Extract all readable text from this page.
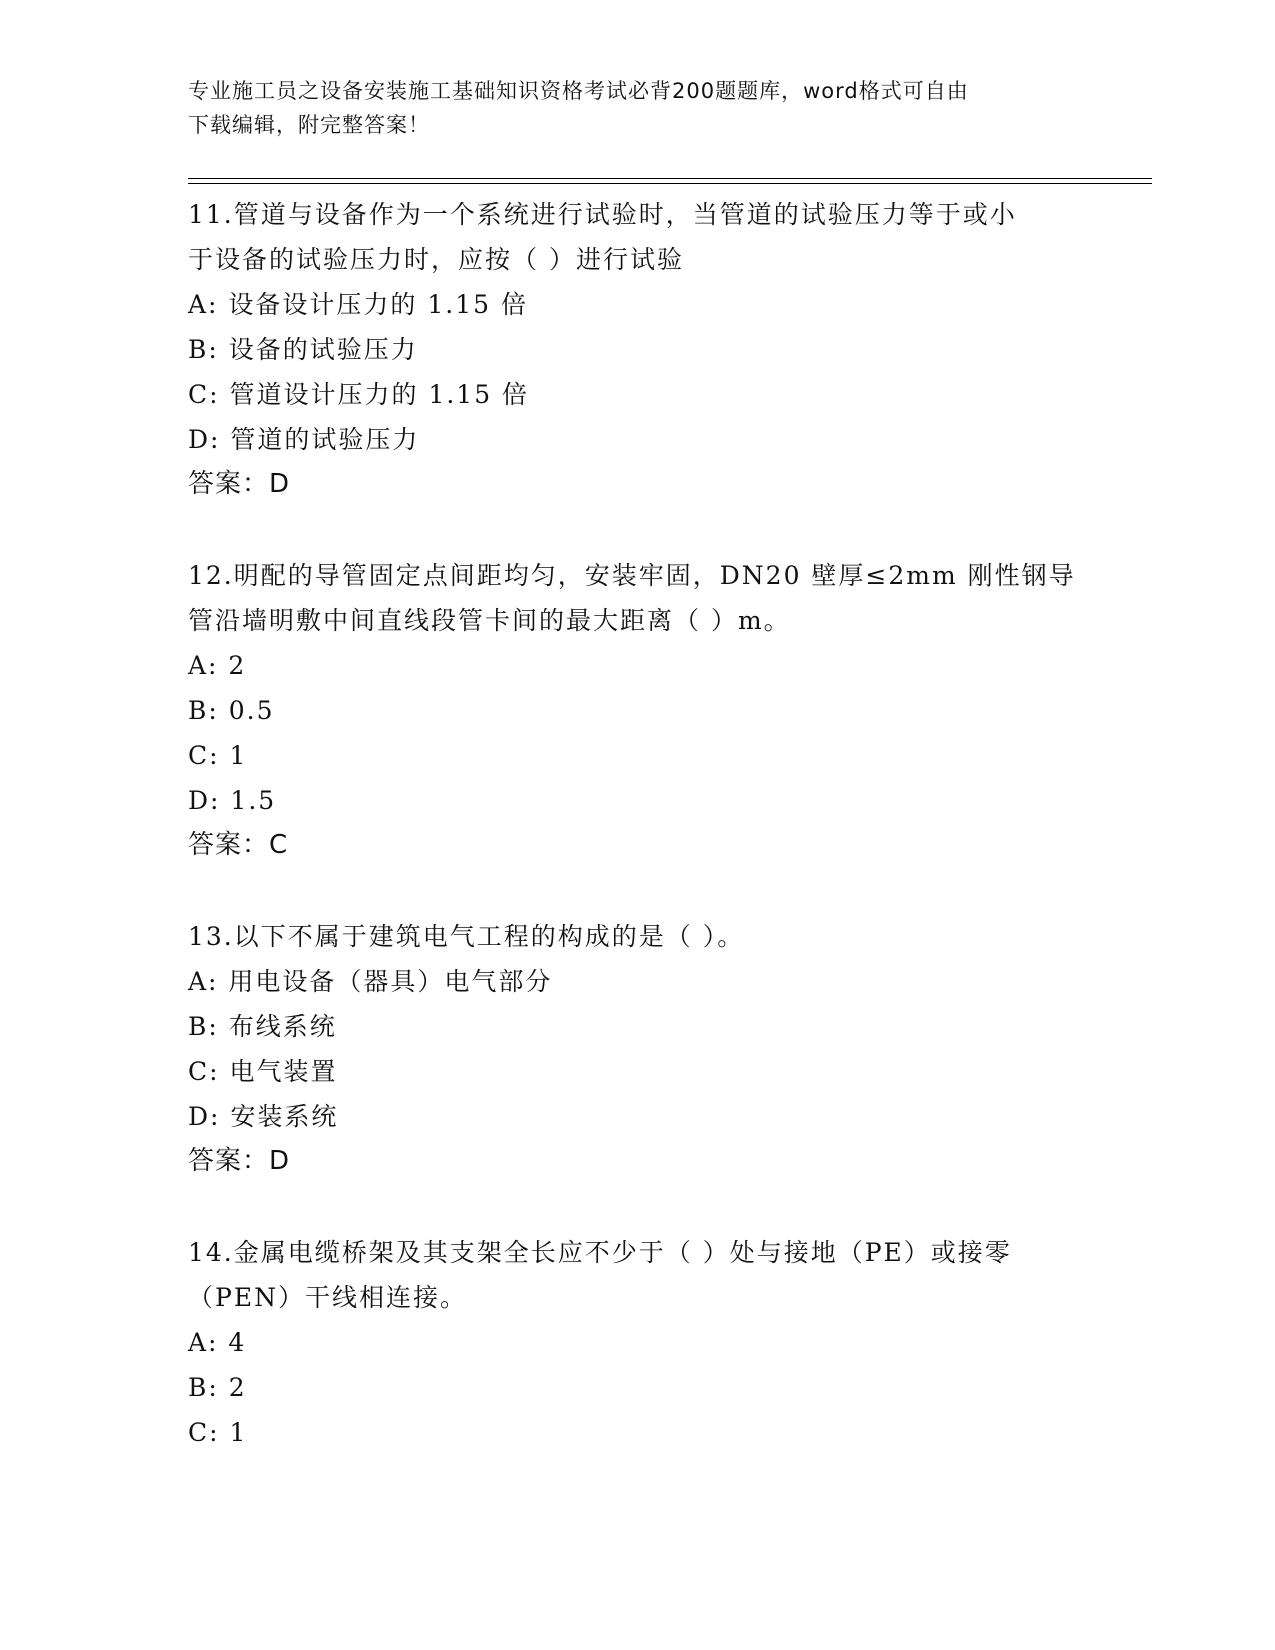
专业施工员之设备安装施工基础知识资格考试必背200题题库，word格式可自由
下载编辑，附完整答案！

11.管道与设备作为一个系统进行试验时，当管道的试验压力等于或小

于设备的试验压力时，应按（ ）进行试验

A: 设备设计压力的 1.15 倍

B: 设备的试验压力

C: 管道设计压力的 1.15 倍

D: 管道的试验压力

答案：D

12.明配的导管固定点间距均匀，安装牢固，DN20 壁厚≤2mm 刚性钢导

管沿墙明敷中间直线段管卡间的最大距离（ ）m。

A: 2

B: 0.5

C: 1

D: 1.5

答案：C

13.以下不属于建筑电气工程的构成的是（ ）。

A: 用电设备（器具）电气部分

B: 布线系统

C: 电气装置

D: 安装系统

答案：D

14.金属电缆桥架及其支架全长应不少于（ ）处与接地（PE）或接零

（PEN）干线相连接。

A: 4

B: 2

C: 1
